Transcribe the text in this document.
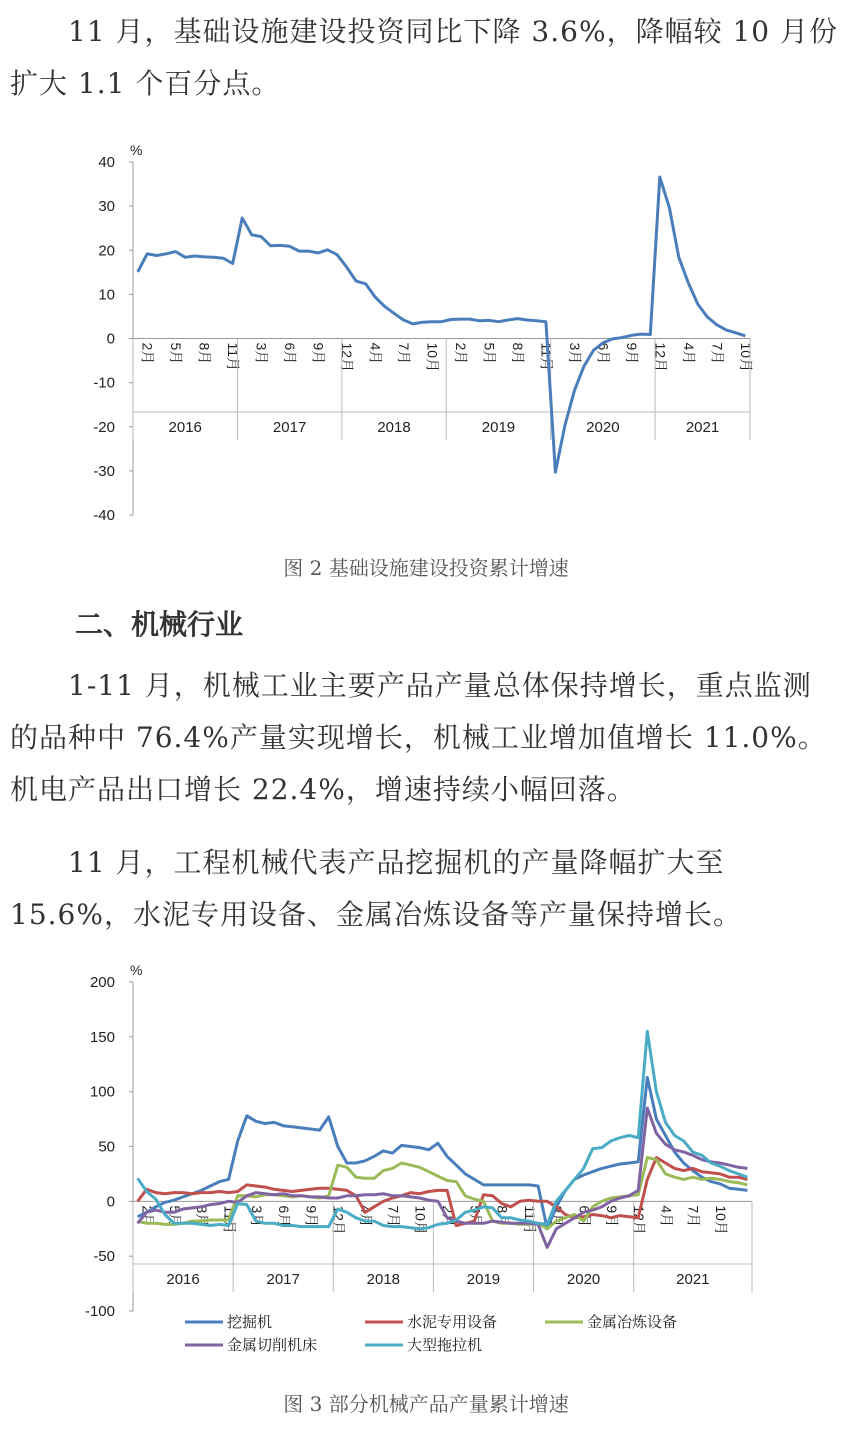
　　11 月，基础设施建设投资同比下降 3.6%，降幅较 10 月份扩大 1.1 个百分点。

40
30
20
10
0
-10
-20
-30
-40
%
2016
2月 5月 8月 11月
2017
3月 6月 9月 12月
2018
4月 7月 10月
2019
2月 5月 8月 11月
2020
3月 6月 9月 12月
2021
4月 7月 10月

图 2 基础设施建设投资累计增速

二、机械行业

　　1-11 月，机械工业主要产品产量总体保持增长，重点监测的品种中 76.4%产量实现增长，机械工业增加值增长 11.0%。机电产品出口增长 22.4%，增速持续小幅回落。

　　11 月，工程机械代表产品挖掘机的产量降幅扩大至 15.6%，水泥专用设备、金属冶炼设备等产量保持增长。

200
150
100
50
0
-50
-100
%
2016
2月 5月 8月 11月
2017
3月 6月 9月 12月
2018
4月 7月 10月
2019
2月 5月 8月 11月
2020
3月 6月 9月 12月
2021
4月 7月 10月
挖掘机	水泥专用设备	金属冶炼设备
金属切削机床	大型拖拉机

图 3 部分机械产品产量累计增速
